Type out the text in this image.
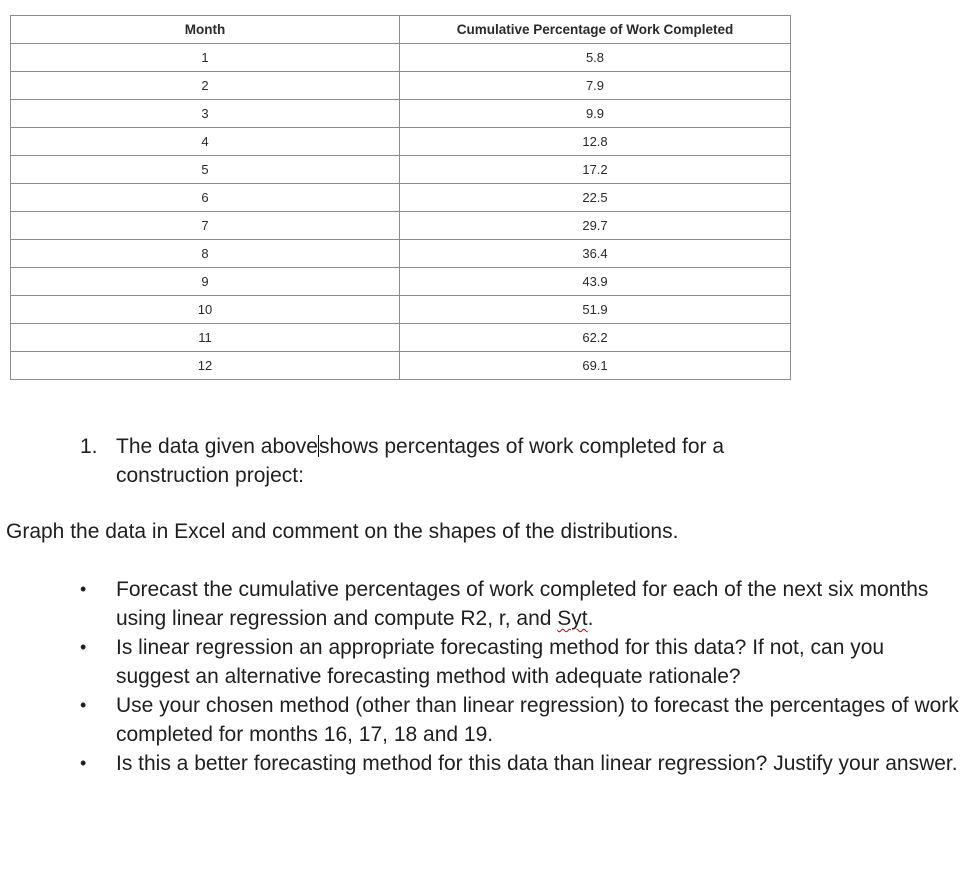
Month	Cumulative Percentage of Work Completed
1	5.8
2	7.9
3	9.9
4	12.8
5	17.2
6	22.5
7	29.7
8	36.4
9	43.9
10	51.9
11	62.2
12	69.1
1. The data given aboveshows percentages of work completed for a construction project:
Graph the data in Excel and comment on the shapes of the distributions.
• Forecast the cumulative percentages of work completed for each of the next six months using linear regression and compute R2, r, and Syt.
• Is linear regression an appropriate forecasting method for this data? If not, can you suggest an alternative forecasting method with adequate rationale?
• Use your chosen method (other than linear regression) to forecast the percentages of work completed for months 16, 17, 18 and 19.
• Is this a better forecasting method for this data than linear regression? Justify your answer.
